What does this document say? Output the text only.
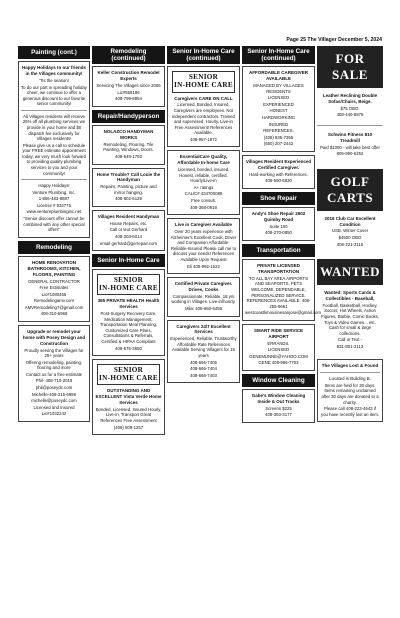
Page 25 The Villager December 5, 2024
Painting (cont.)
Happy Holidays to our friends in the Villages community!

'Tis the season!

To do our part in spreading holiday cheer, we continue to offer a generous discount to our favorite senior community!

All Villages residents will receive 25% off all plumbing services we provide in your home and $0 dispatch fee exclusively for Villages residents!

Please give us a call to schedule your FREE estimate appointment today, we very much look forward to providing quality plumbing services to you and your community!

Happy Holidays!

Venture Plumbing, Inc.

1-866-483-8887

License # 934775

www.ventureplumbinginc.net

"Senior discount offer cannot be combined with any other special offers"

Remodeling
HOME RENOVATION BATHROOMS, KITCHEN, FLOORS, PAINTING

GENERAL CONTRACTOR

Free Estimates

Lic#1080465

Remodelingamv.com

AMVRemodeling7@gmail.com

408-310-6969

Upgrade or remodel your home with Posey Design and Construction

Proudly serving the Villages for 25+ years

Offering remodeling, painting, flooring and more

Contact us for a free estimate

Phil- 408-710-2019

phil@poseydc.com

Michelle-408-315-6998

michelle@poseydc.com

Licensed and Insured

Lic#1032242

Remodeling (continued)
Keller Construction Remodel Experts

Servicing The Villages since 2006

Lic#559186

408-799-8854

Repair/Handyperson
NOLAZCO HANDYMAN WORKS

Remodeling, Flooring, Tile Painting, Windows, Doors.

408-649-1793

Home Trouble? Call Louie the Handyman

Repairs, Painting, picture and mirror hanging.

408-802-6129

Villages Resident Handyman

House Repairs, etc.

Call or text Gerhard

408-203-6014

email gerhard@gerrepair.com

Senior In-Home Care
SENIOR
IN-HOME CARE
365 PRIVATE HEALTH Health Services

Post-Surgery Recovery Care, Medication Management, Transportation Meal Planning, Customized Care Plans, Consultations & Referrals, Certified & HIPAA Compliant

408-676-3650

SENIOR
IN-HOME CARE
OUTSTANDING AND EXCELLENT Vista Verde Home Services

Bonded, Licensed, Insured Hourly, Live-in, Transport Great References Free Assessment

(408) 509-1257

Senior In-Home Care (continued)
SENIOR
IN-HOME CARE
Caregivers CARE ON CALL

Licensed, Bonded, Insured. Caregivers are employees. Not independent contractors. Trained and supervised. Hourly, Live-in Free Assessment! References Available.

408-957-1872

EssentialCare Quality, Affordable In-home Care

Licensed, bonded, insured. Honest, reliable, certified. Hourly/Live-in

A+ ratings

CALIC# 434700088

Free consult.

408-368-0918

Live in Caregiver Available

Over 20 years experience with Alzheimer's Excellent Cook, Driver and Companion Affordable-Reliable-Insured Please call me to discuss your needs! References Available Upon Request

Eli 408-992-1522

Certified Private Caregiver. Drives, Cooks

Compassionate, Reliable. 18 yrs working in Villages. Live-in/hourly.

Mila: 408-660-6459

Caregivers 24/7 Excellent Services

Experienced, Reliable, Trustworthy Affordable Rate References Available Serving Villagers for 15 years

408-666-7405

408-666-7404

408-666-7403

Senior In-Home Care (continued)
AFFORDABLE CAREGIVER AVAILABLE

MANAGED BY VILLAGES RESIDENTS

LICENSED

EXPERIENCED

HONEST

HARDWORKING

INSURED

REFERENCES.

(408) 835-7355

(650) 207-2442

Villages Resident Experienced Certified Caregiver.

Hard-working with References.

408-590-6830

Shoe Repair
Andy's Shoe Repair 2602 Quimby Road

Suite 100

408-270-0850

Transportation
PRIVATE LICENSED TRANSPORTATION

TO ALL BAY AREA AIRPORTS AND SEAPORTS. PETS WELCOME. DEPENDABLE, PERSONALIZED SERVICE. REFERENCES AVAILABLE. 408-255-9661

westcoastlimousinesanjose@gmail.com

SMART RIDE SERVICE AIRPORT

ERRANDS.

LICENSED

GENEMUNNE@YAHOO.COM

GENE 408-966-7703

Window Cleaning
Gabe's Window Cleaning Inside & Out Tracks

Screens $225

408-393-3177

FOR SALE
Leather Reclining Double Sofas/Chairs, Beige.

$75 OBO.

408-440-6875

Schwinn Fitness 810 Treadmill

Paid $1000 - will take best offer

805-990-6252

GOLF CARTS
2016 Club Car Excellent Condition

USB, Winter Cover

$4500 OBO

408-221-2115

WANTED
Wanted: Sports Cards & Collectibles - Baseball,

Football, Basketball, Hockey, Soccer, Hot Wheels, Action Figures, Barbie, Comic Books, Toys & Video Games... etc. Cash for small & large collections.

Call or Text -

831-801-2113

The Villages Lost & Found

Located in Building B.

Items are held for 30 days. Items remaining unclaimed after 30 days are donated to a charity.

Please call 408-223-4643 if you have recently lost an item.
